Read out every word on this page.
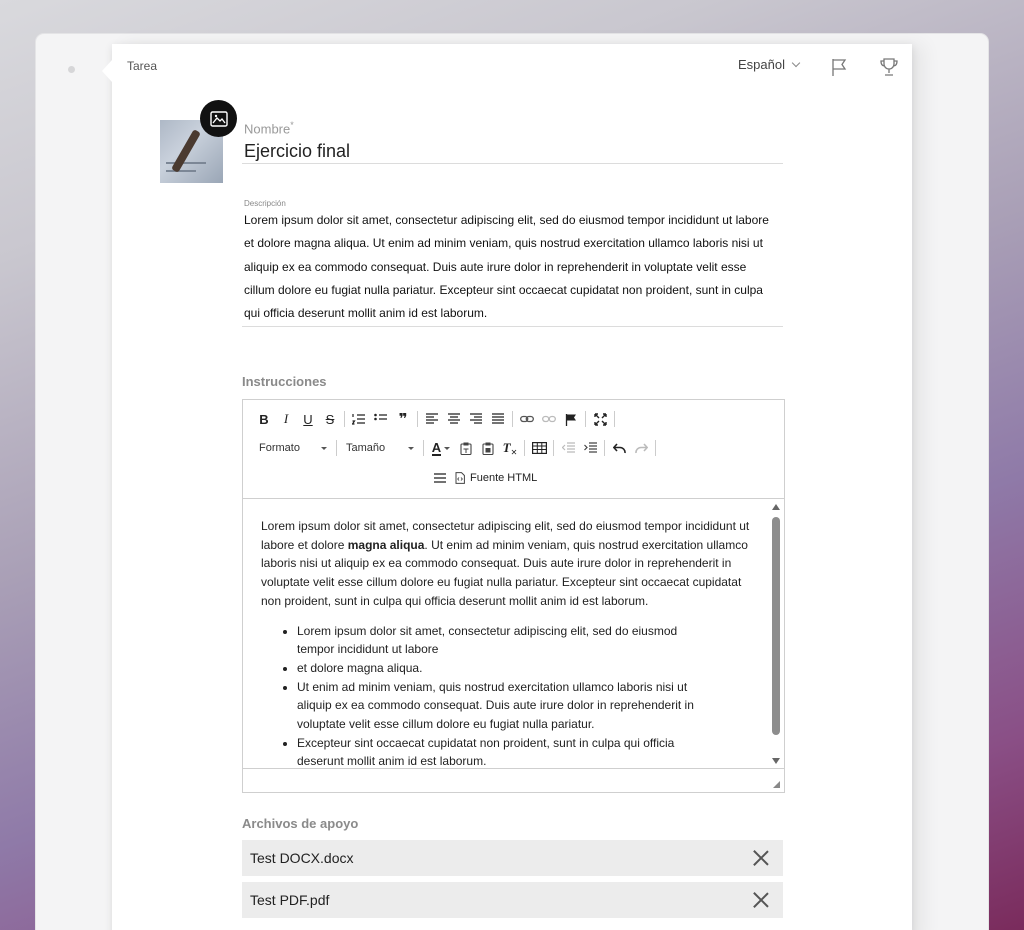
Tarea	Español
Nombre*
Ejercicio final
Descripción
Lorem ipsum dolor sit amet, consectetur adipiscing elit, sed do eiusmod tempor incididunt ut labore et dolore magna aliqua. Ut enim ad minim veniam, quis nostrud exercitation ullamco laboris nisi ut aliquip ex ea commodo consequat. Duis aute irure dolor in reprehenderit in voluptate velit esse cillum dolore eu fugiat nulla pariatur. Excepteur sint occaecat cupidatat non proident, sunt in culpa qui officia deserunt mollit anim id est laborum.
Instrucciones
B	I	U S	❞
Formato	Tamaño	A	T ✕
Fuente HTML

Lorem ipsum dolor sit amet, consectetur adipiscing elit, sed do eiusmod tempor incididunt ut labore et dolore magna aliqua. Ut enim ad minim veniam, quis nostrud exercitation ullamco laboris nisi ut aliquip ex ea commodo consequat. Duis aute irure dolor in reprehenderit in voluptate velit esse cillum dolore eu fugiat nulla pariatur. Excepteur sint occaecat cupidatat non proident, sunt in culpa qui officia deserunt mollit anim id est laborum.

• Lorem ipsum dolor sit amet, consectetur adipiscing elit, sed do eiusmod tempor incididunt ut labore
• et dolore magna aliqua.
• Ut enim ad minim veniam, quis nostrud exercitation ullamco laboris nisi ut aliquip ex ea commodo consequat. Duis aute irure dolor in reprehenderit in voluptate velit esse cillum dolore eu fugiat nulla pariatur.
• Excepteur sint occaecat cupidatat non proident, sunt in culpa qui officia deserunt mollit anim id est laborum.
Archivos de apoyo
Test DOCX.docx
Test PDF.pdf
